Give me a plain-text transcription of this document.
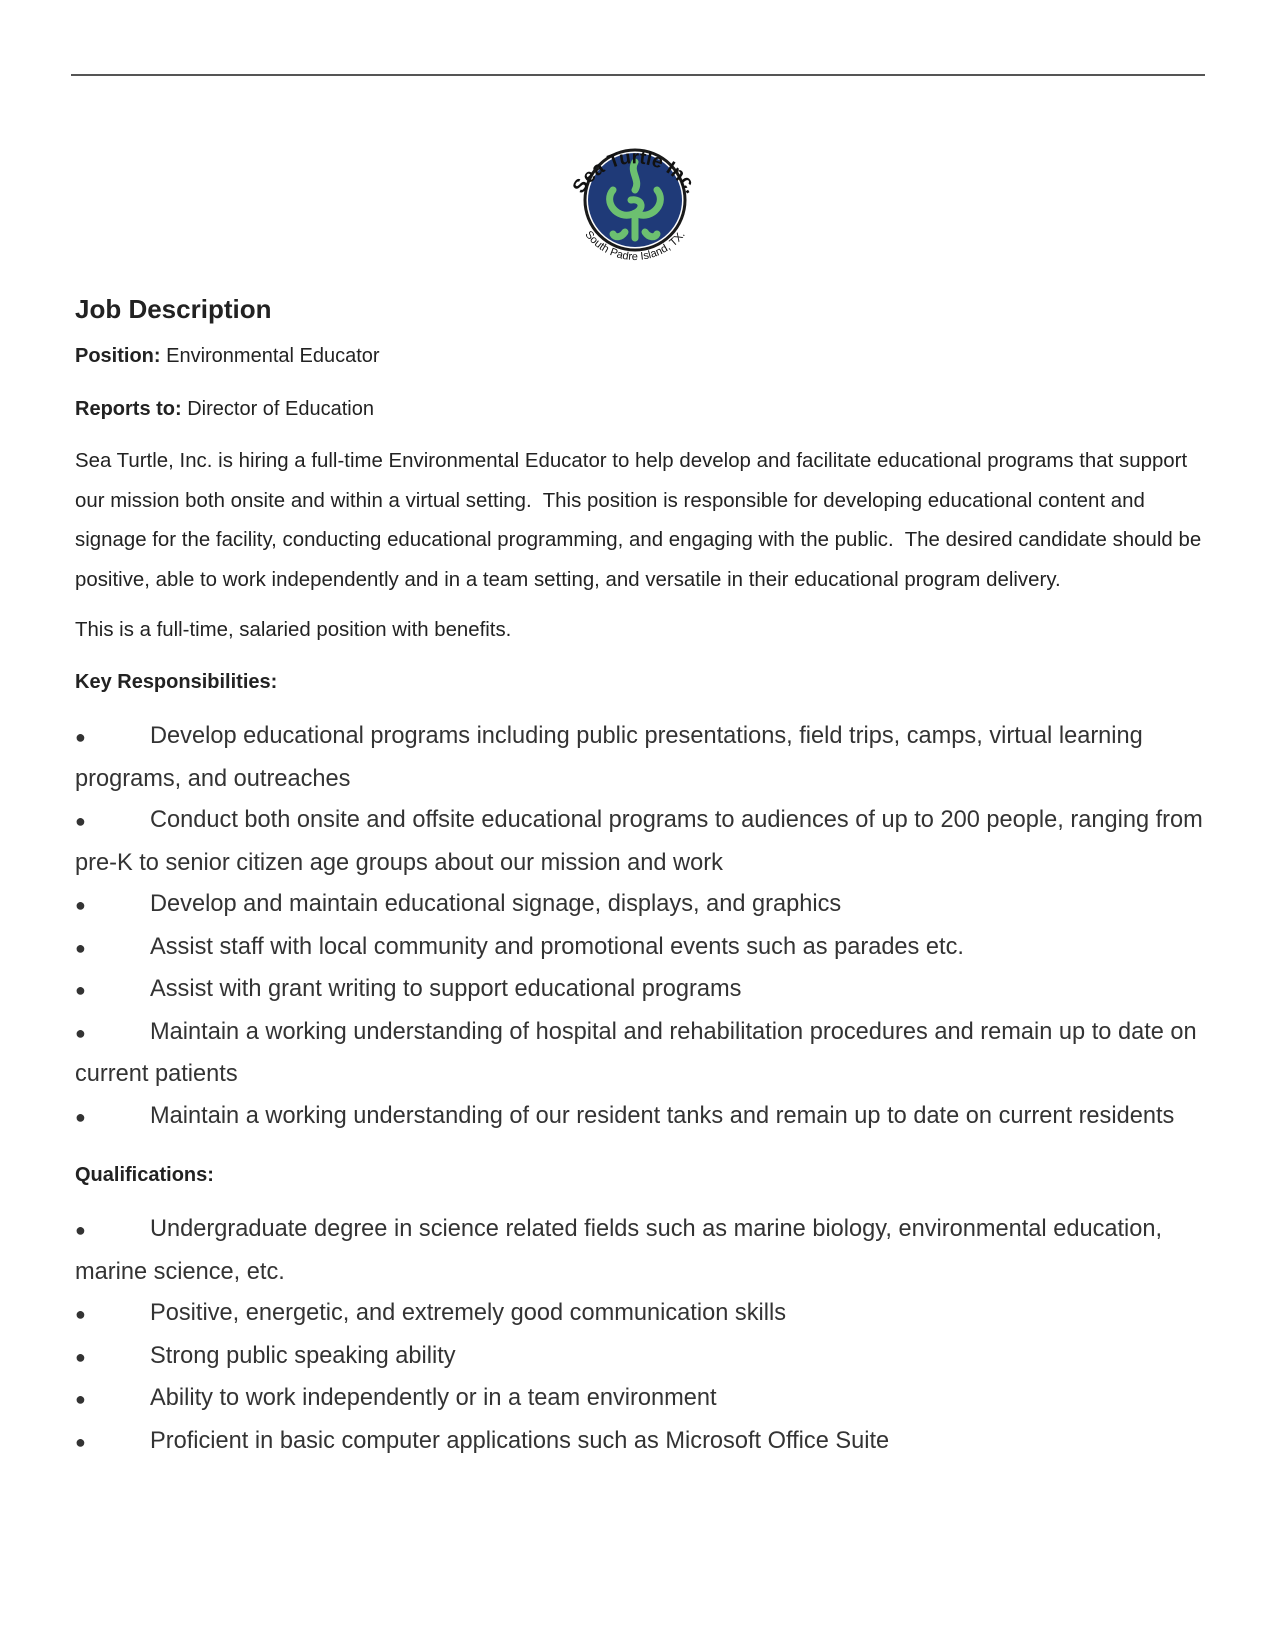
Sea Turtle Inc.
South Padre Island, TX.
Job Description

Position: Environmental Educator

Reports to: Director of Education

Sea Turtle, Inc. is hiring a full-time Environmental Educator to help develop and facilitate educational programs that support our mission both onsite and within a virtual setting.  This position is responsible for developing educational content and signage for the facility, conducting educational programming, and engaging with the public.  The desired candidate should be positive, able to work independently and in a team setting, and versatile in their educational program delivery.

This is a full-time, salaried position with benefits.

Key Responsibilities:

●	Develop educational programs including public presentations, field trips, camps, virtual learning programs, and outreaches
●	Conduct both onsite and offsite educational programs to audiences of up to 200 people, ranging from pre-K to senior citizen age groups about our mission and work
●	Develop and maintain educational signage, displays, and graphics
●	Assist staff with local community and promotional events such as parades etc.
●	Assist with grant writing to support educational programs
●	Maintain a working understanding of hospital and rehabilitation procedures and remain up to date on current patients
●	Maintain a working understanding of our resident tanks and remain up to date on current residents

Qualifications:

●	Undergraduate degree in science related fields such as marine biology, environmental education, marine science, etc.
●	Positive, energetic, and extremely good communication skills
●	Strong public speaking ability
●	Ability to work independently or in a team environment
●	Proficient in basic computer applications such as Microsoft Office Suite
